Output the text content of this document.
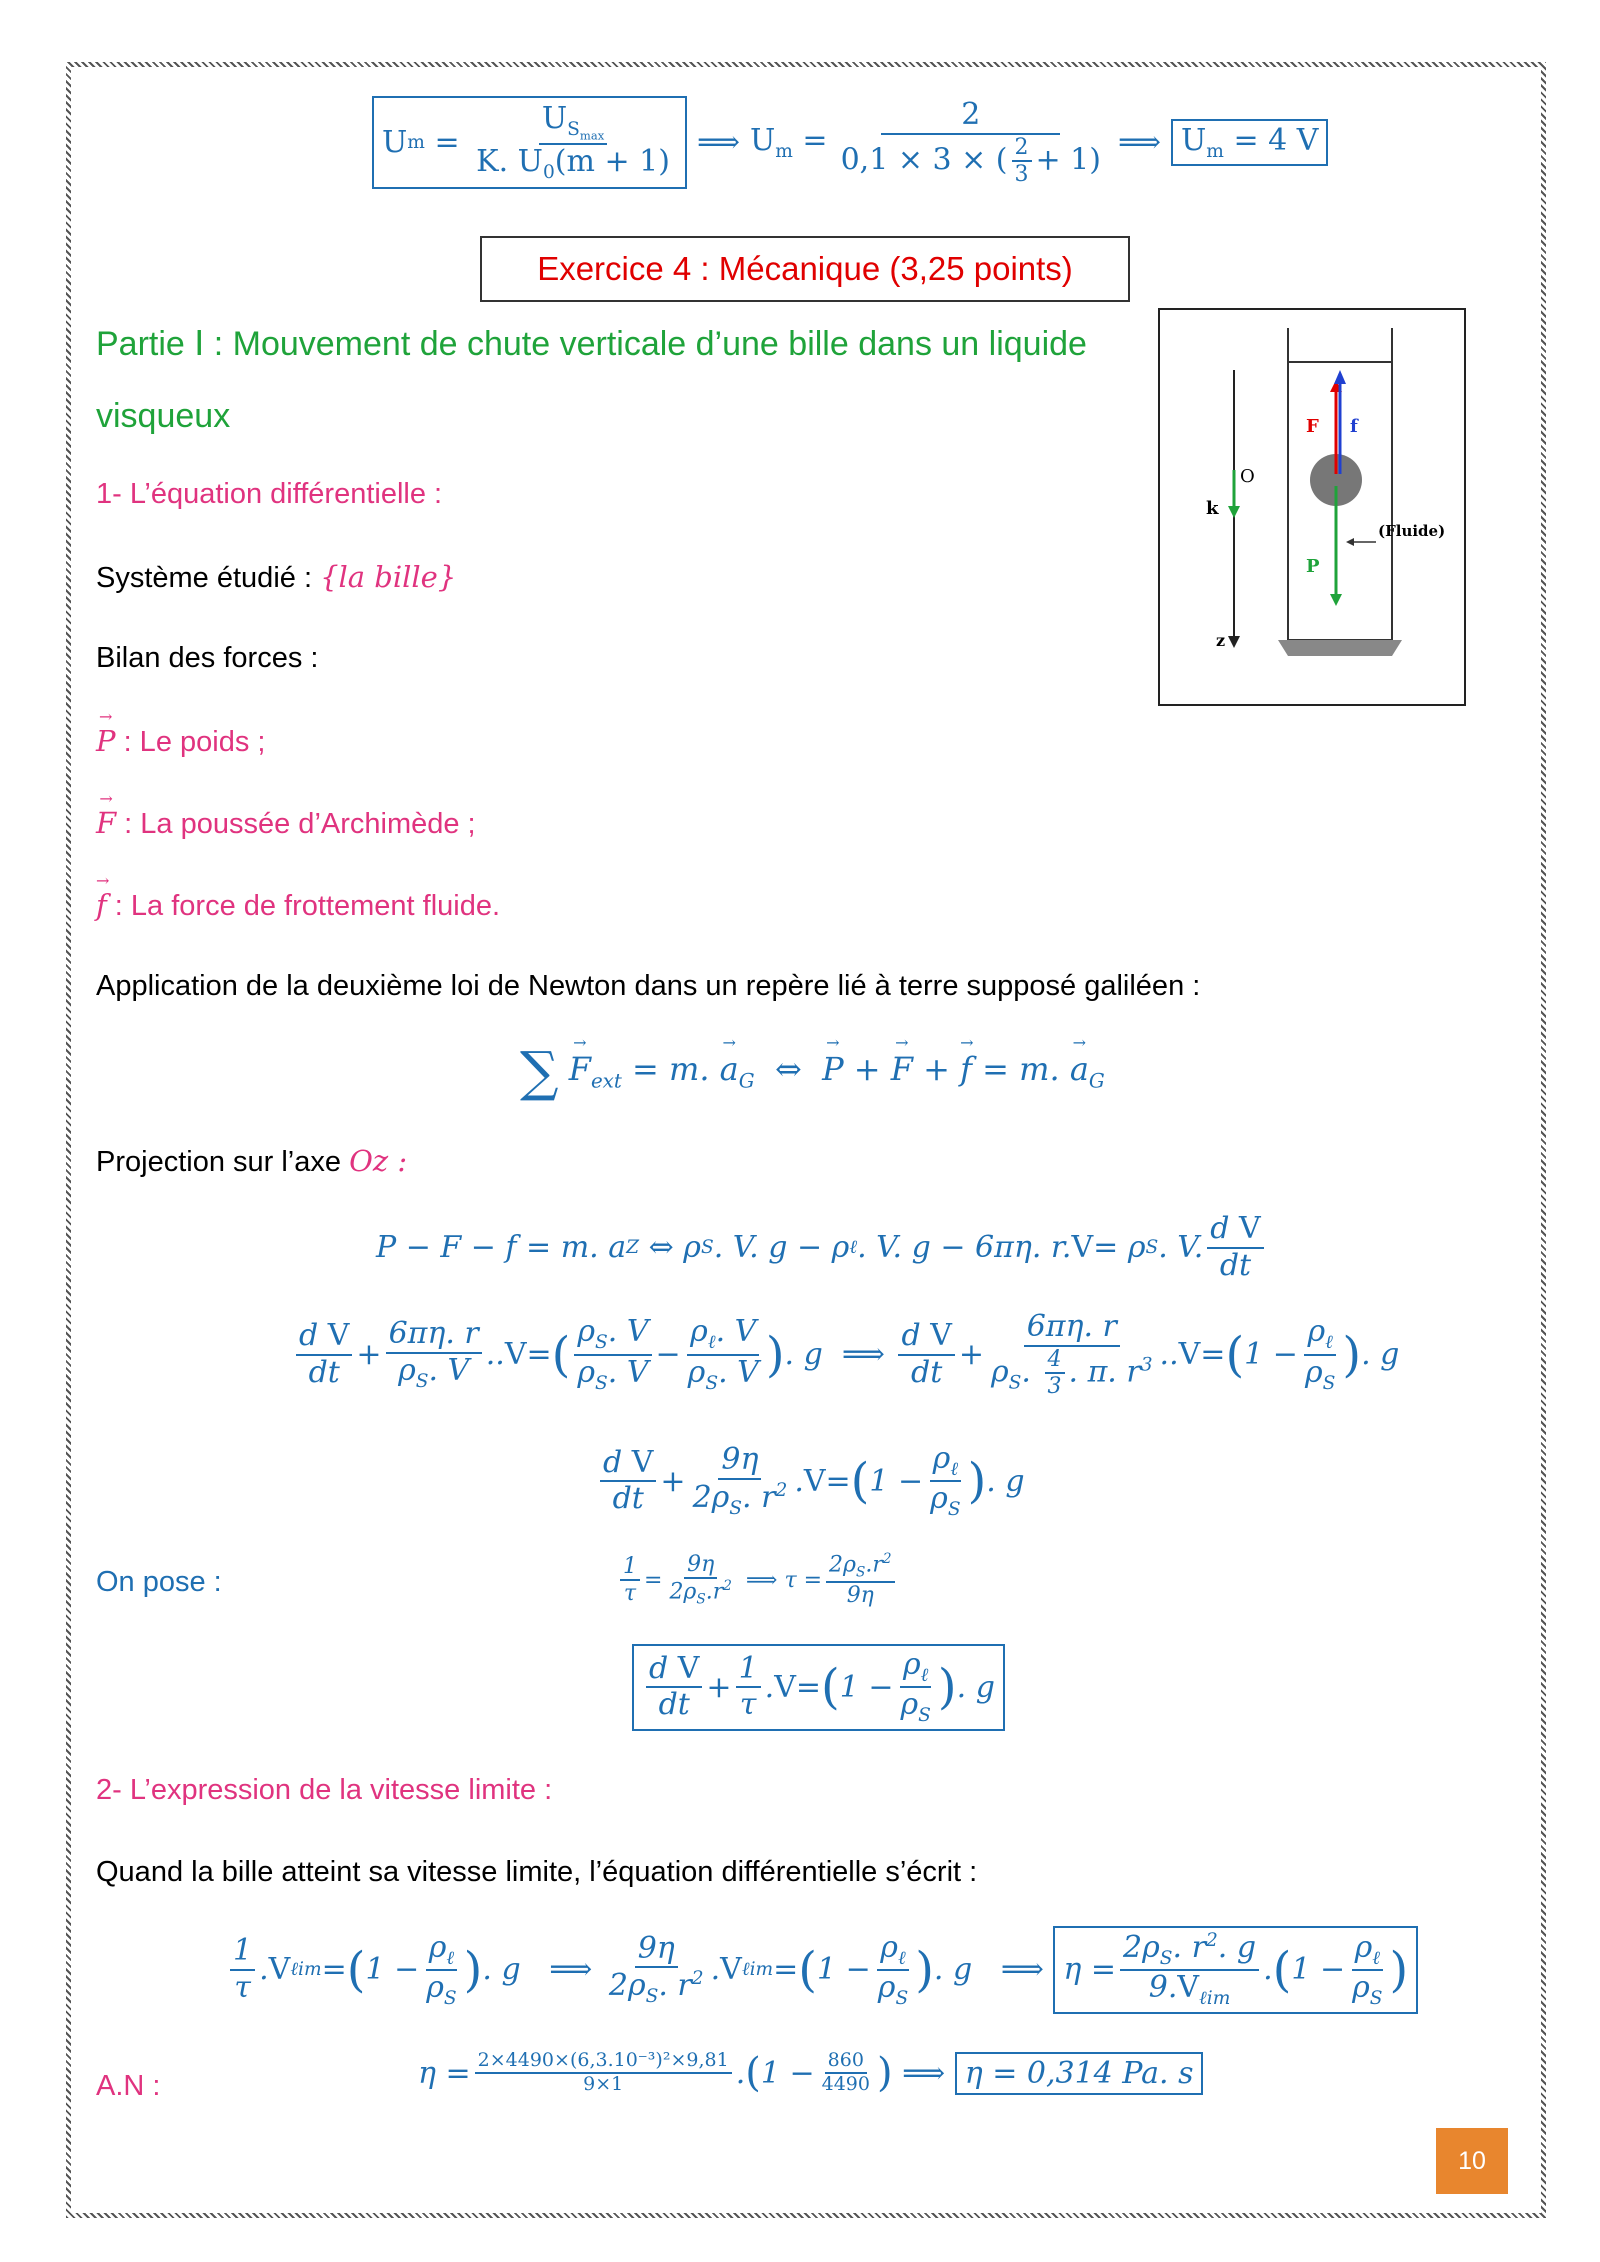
U $m = \frac{U_{S_{max}}}{K. U_0(m + 1)}$ ⟹ $U_m = \frac{2}{0,1 \times 3 \times ( \frac{2}{3} + 1)}$ ⟹ $U_m = 4$ V
Exercice 4 : Mécanique (3,25 points)
Partie Ⅰ : Mouvement de chute verticale d’une bille dans un liquide visqueux
z
O
k
F f
P
(Fluide)
1- L’équation différentielle :
Système étudié : {la bille}
Bilan des forces :
→ P : Le poids ;
→ F : La poussée d’Archimède ;
→ f : La force de frottement fluide.
Application de la deuxième loi de Newton dans un repère lié à terre supposé galiléen :
∑ → $F_{ext} = m$. → $a_G$  ⇔  → P + → F + → f = m. → $a_G$
Projection sur l’axe Oz :
P − F − f = m. a Z
⇔ ρ S . V. g − ρ ℓ . V. g − 6πη. r. V = ρ S . V. $\frac{\text{d V}}{dt}$
$\frac{\text{d V}}{dt} + \frac{6\pi\eta. r}{\rho_S. V}$ .. V = ( $\frac{\rho_S. V}{\rho_S. V} - \frac{\rho_\ell. V}{\rho_S. V}$ ) . g ⟹
$\frac{\text{d V}}{dt} + \frac{6\pi\eta. r}{\rho_S. \frac{4}{3} . \pi. r^3}$ .. V = ( $1 - \frac{\rho_\ell}{\rho_S}$ ) . g
$\frac{\text{d V}}{dt} + \frac{9\eta}{2\rho_S. r^2}$ . V = ( $1 - \frac{\rho_\ell}{\rho_S}$ ) . g
On pose :	$\frac{1}{\tau} = \frac{9\eta}{2\rho_S.r^2}$
⟹ $\tau = \frac{2\rho_S.r^2}{9\eta}$
$\frac{\text{d V}}{dt} + \frac{1}{\tau}$ . V = ( $1 - \frac{\rho_\ell}{\rho_S}$ ) . g
2- L’expression de la vitesse limite :
Quand la bille atteint sa vitesse limite, l’équation différentielle s’écrit :
$\frac{1}{\tau}$ . V ℓim = ( $1 - \frac{\rho_\ell}{\rho_S}$ ) . g ⟹
$\frac{9\eta}{2\rho_S. r^2}$ . V ℓim = ( $1 - \frac{\rho_\ell}{\rho_S}$ ) . g ⟹
$\eta = \frac{2\rho_S. r^2. g}{9.V_{\ell im}}$ . ( $1 - \frac{\rho_\ell}{\rho_S}$ )
A.N :	$\eta = \frac{\text{2×4490×(6,3.10⁻³)²×9,81}}{9\times 1}$ . ( $1 - \frac{860}{4490}$ )
⟹
η = 0,314 Pa. s
10
